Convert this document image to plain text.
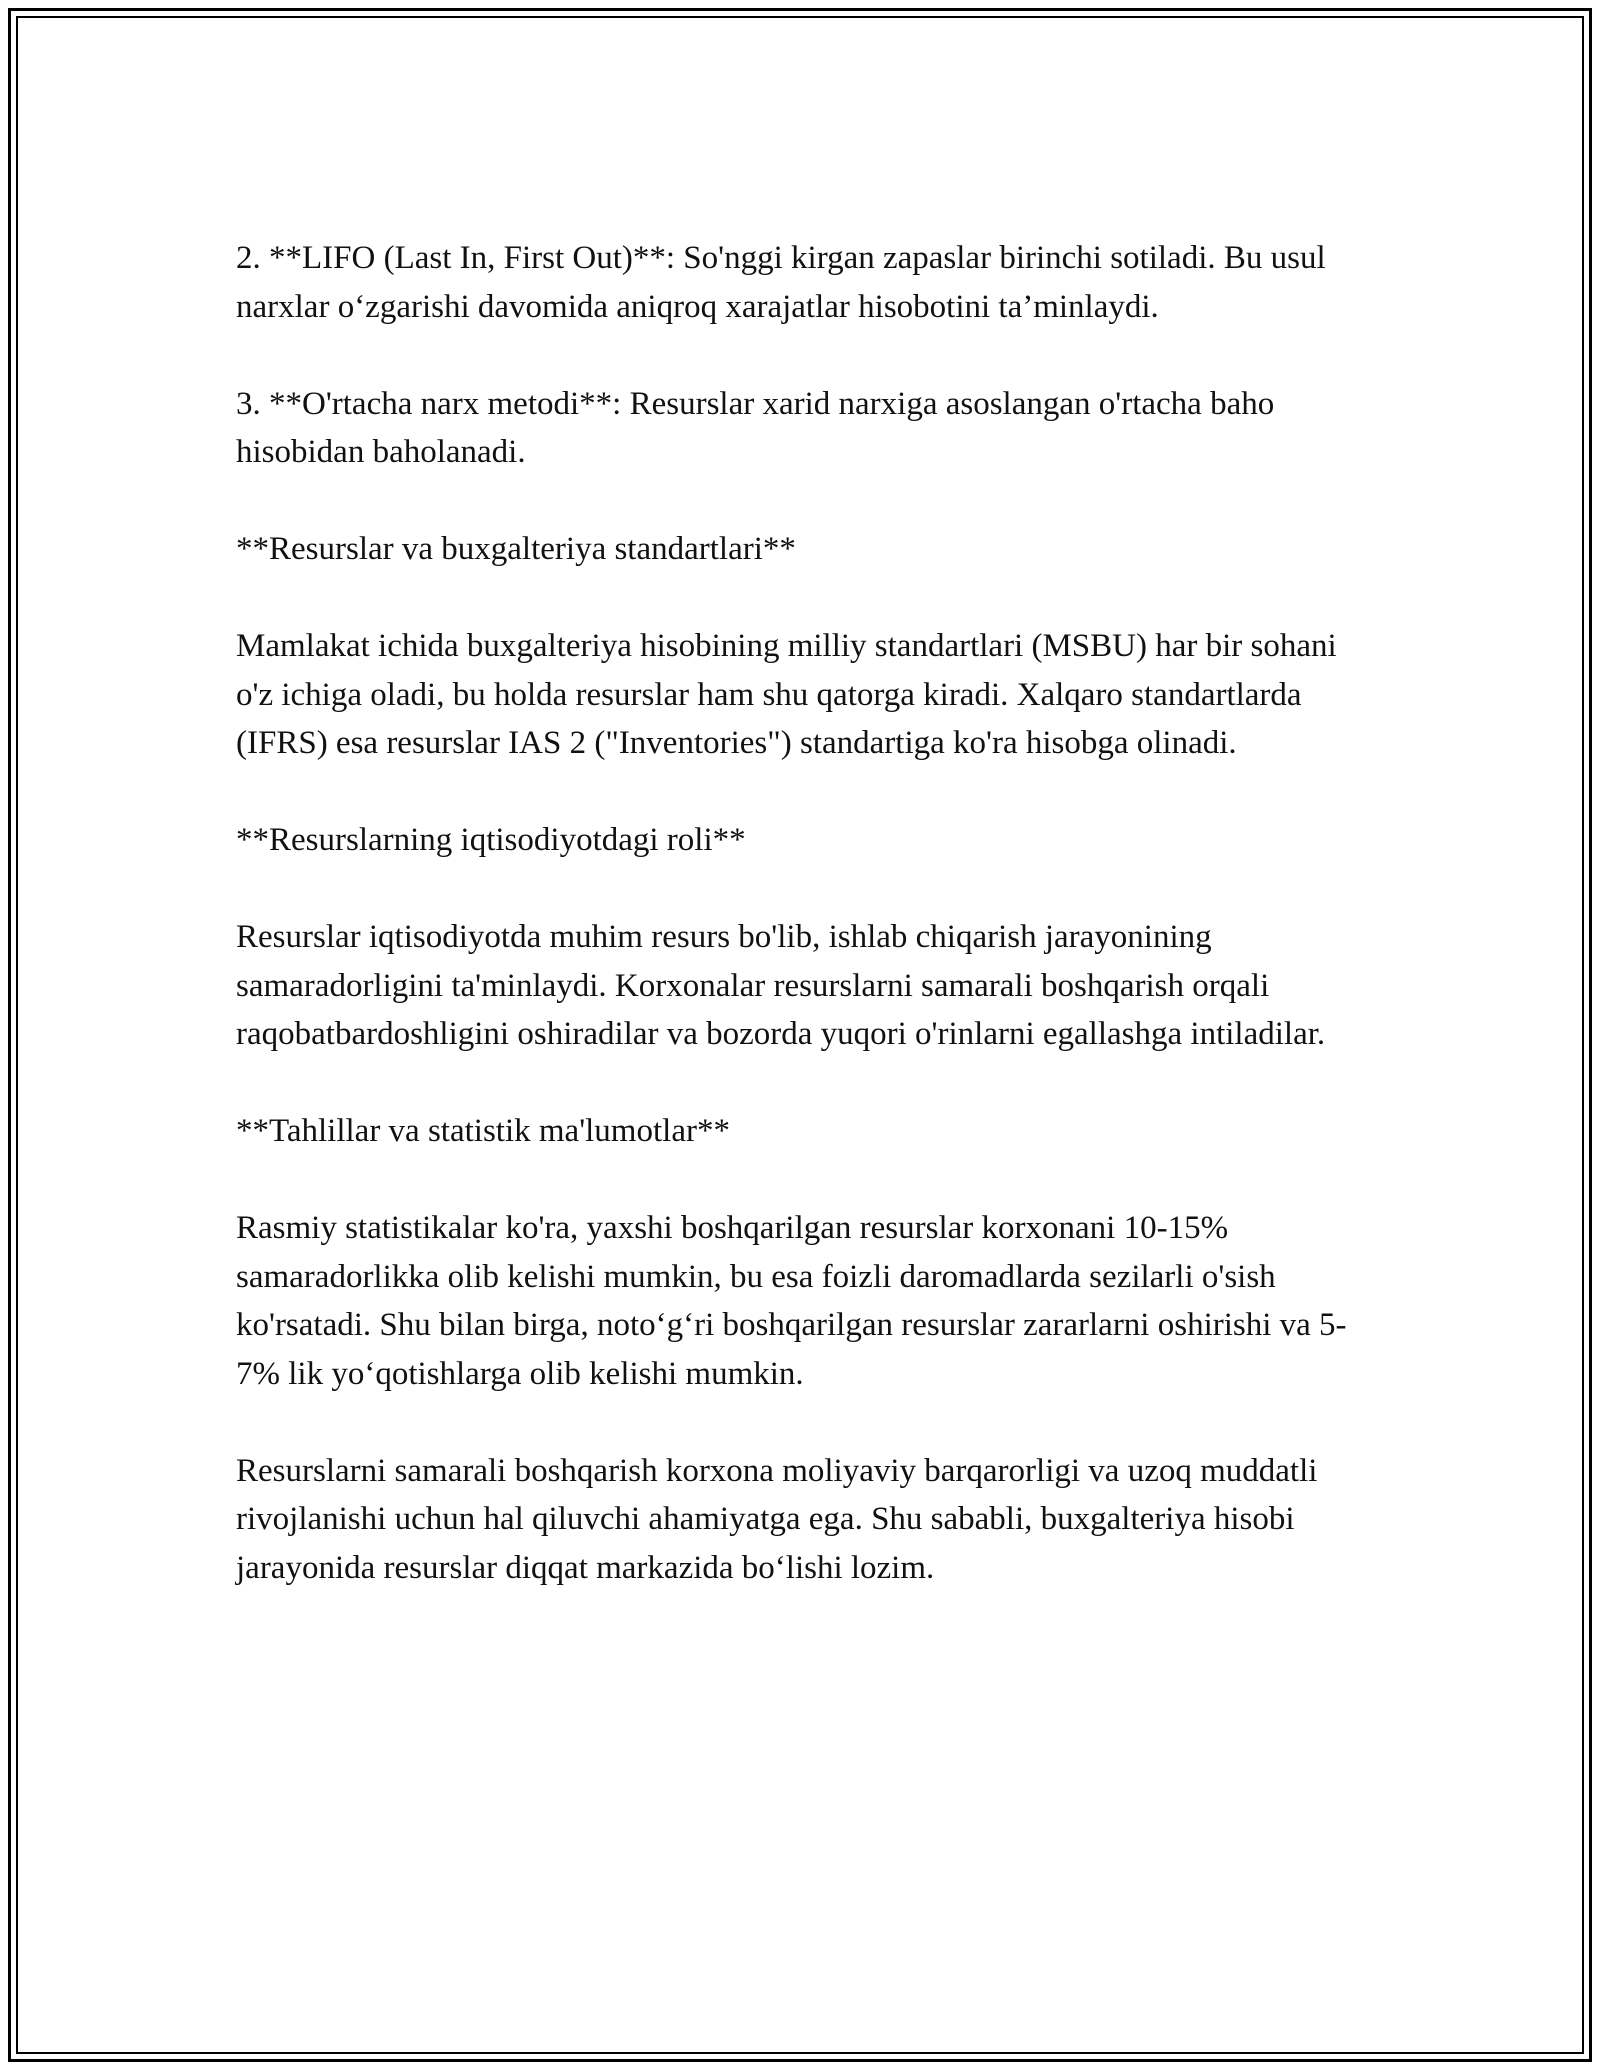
2. **LIFO (Last In, First Out)**: So'nggi kirgan zapaslar birinchi sotiladi. Bu usul narxlar o‘zgarishi davomida aniqroq xarajatlar hisobotini ta’minlaydi.

3. **O'rtacha narx metodi**: Resurslar xarid narxiga asoslangan o'rtacha baho hisobidan baholanadi.

**Resurslar va buxgalteriya standartlari**

Mamlakat ichida buxgalteriya hisobining milliy standartlari (MSBU) har bir sohani o'z ichiga oladi, bu holda resurslar ham shu qatorga kiradi. Xalqaro standartlarda (IFRS) esa resurslar IAS 2 ("Inventories") standartiga ko'ra hisobga olinadi.

**Resurslarning iqtisodiyotdagi roli**

Resurslar iqtisodiyotda muhim resurs bo'lib, ishlab chiqarish jarayonining samaradorligini ta'minlaydi. Korxonalar resurslarni samarali boshqarish orqali raqobatbardoshligini oshiradilar va bozorda yuqori o'rinlarni egallashga intiladilar.

**Tahlillar va statistik ma'lumotlar**

Rasmiy statistikalar ko'ra, yaxshi boshqarilgan resurslar korxonani 10-15% samaradorlikka olib kelishi mumkin, bu esa foizli daromadlarda sezilarli o'sish ko'rsatadi. Shu bilan birga, noto‘g‘ri boshqarilgan resurslar zararlarni oshirishi va 5-7% lik yo‘qotishlarga olib kelishi mumkin.

Resurslarni samarali boshqarish korxona moliyaviy barqarorligi va uzoq muddatli rivojlanishi uchun hal qiluvchi ahamiyatga ega. Shu sababli, buxgalteriya hisobi jarayonida resurslar diqqat markazida bo‘lishi lozim.
